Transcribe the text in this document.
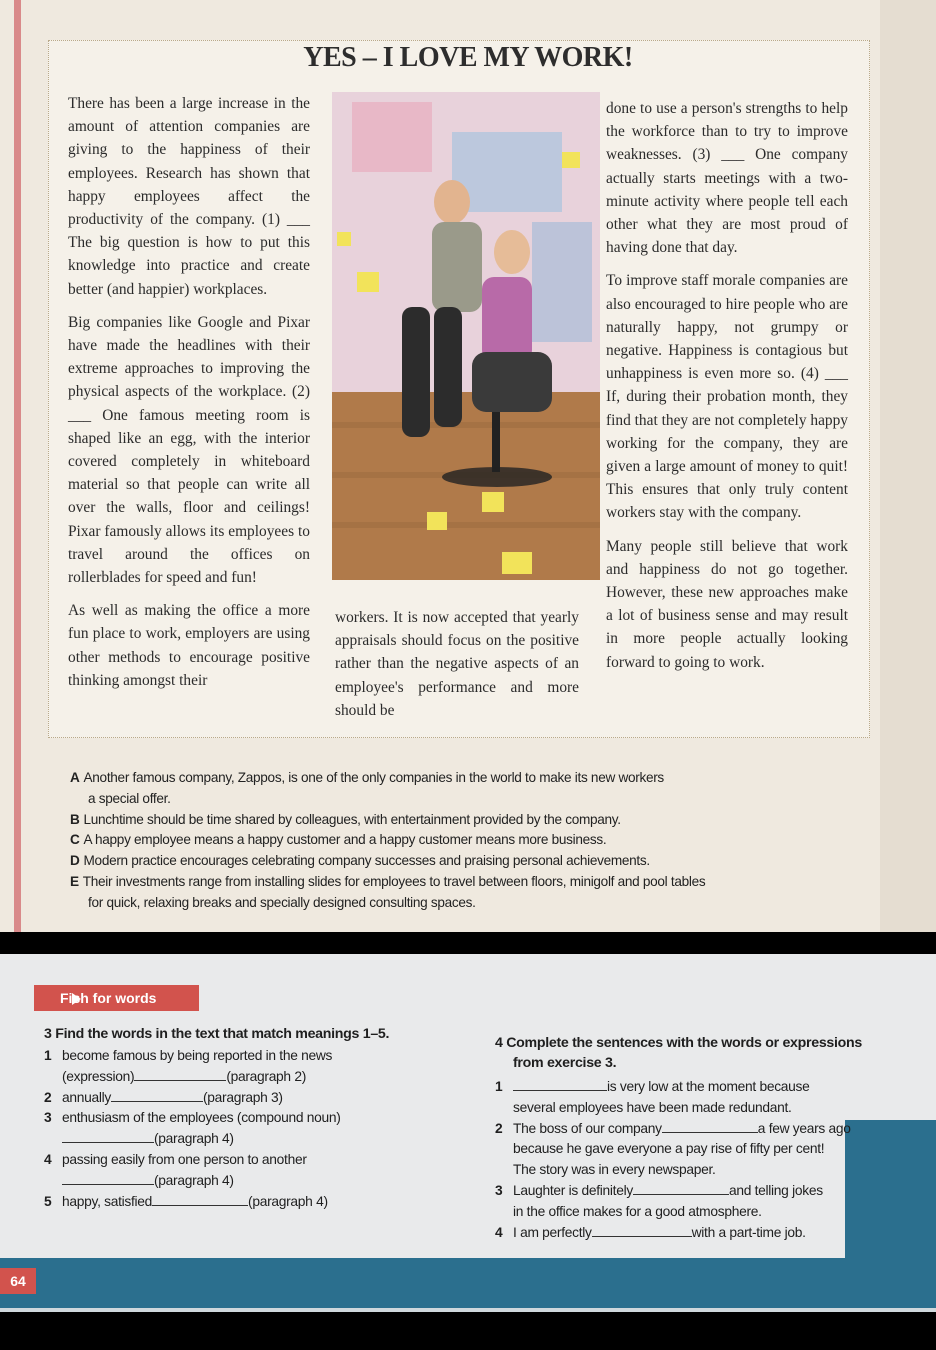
YES – I LOVE MY WORK!

There has been a large increase in the amount of attention companies are giving to the happiness of their employees. Research has shown that happy employees affect the productivity of the company. (1) ___ The big question is how to put this knowledge into practice and create better (and happier) workplaces.

Big companies like Google and Pixar have made the headlines with their extreme approaches to improving the physical aspects of the workplace. (2) ___ One famous meeting room is shaped like an egg, with the interior covered completely in whiteboard material so that people can write all over the walls, floor and ceilings! Pixar famously allows its employees to travel around the offices on rollerblades for speed and fun!

As well as making the office a more fun place to work, employers are using other methods to encourage positive thinking amongst their

workers. It is now accepted that yearly appraisals should focus on the positive rather than the negative aspects of an employee's performance and more should be

done to use a person's strengths to help the workforce than to try to improve weaknesses. (3) ___ One company actually starts meetings with a two-minute activity where people tell each other what they are most proud of having done that day.

To improve staff morale companies are also encouraged to hire people who are naturally happy, not grumpy or negative. Happiness is contagious but unhappiness is even more so. (4) ___ If, during their probation month, they find that they are not completely happy working for the company, they are given a large amount of money to quit! This ensures that only truly content workers stay with the company.

Many people still believe that work and happiness do not go together. However, these new approaches make a lot of business sense and may result in more people actually looking forward to going to work.

A Another famous company, Zappos, is one of the only companies in the world to make its new workers
a special offer.

B Lunchtime should be time shared by colleagues, with entertainment provided by the company.

C A happy employee means a happy customer and a happy customer means more business.

D Modern practice encourages celebrating company successes and praising personal achievements.

E Their investments range from installing slides for employees to travel between floors, minigolf and pool tables
for quick, relaxing breaks and specially designed consulting spaces.

Fish for words
3 Find the words in the text that match meanings 1–5.

1 become famous by being reported in the news
(expression)	(paragraph 2)

2 annually	(paragraph 3)

3 enthusiasm of the employees (compound noun)
(paragraph 4)

4 passing easily from one person to another
(paragraph 4)

5 happy, satisfied	(paragraph 4)

4 Complete the sentences with the words or expressions
from exercise 3.

1	is very low at the moment because
several employees have been made redundant.

2 The boss of our company	a few years ago
because he gave everyone a pay rise of fifty per cent!
The story was in every newspaper.

3 Laughter is definitely	and telling jokes
in the office makes for a good atmosphere.

4 I am perfectly	with a part-time job.

64
